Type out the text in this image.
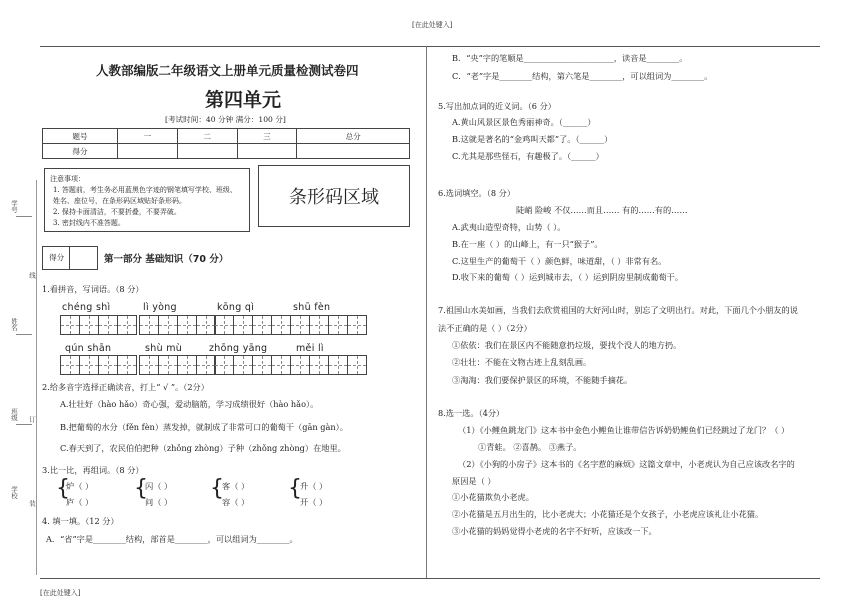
[在此处键入]
[在此处键入]
学号
姓名
班级
学校
线
订
装
人教部编版二年级语文上册单元质量检测试卷四
第四单元
[考试时间：40 分钟 满分：100 分]
题号	一	二	三	总分
得分				
注意事项：
1. 答题前，考生务必用蓝黑色字迹的钢笔填写学校、班级、
姓名、座位号，在条形码区域贴好条形码。
2. 保持卡面清洁，不要折叠，不要弄破。
3. 密封线内不准答题。
条形码区域
得分	第一部分 基础知识（70 分）
1.看拼音，写词语。（8 分）
chéng shì	lì yòng	kōng qì	shū fèn
qún shān	shù mù	zhōng yāng	měi lì
2.给多音字选择正确读音，打上“ √ ”。（2分）
A.壮壮好（hào hǎo）奇心强，爱动脑筋，学习成绩很好（hào hǎo）。
B.把葡萄的水分（fěn fèn）蒸发掉，就制成了非常可口的葡萄干（gān gàn）。
C.春天到了，农民伯伯把种（zhǒng zhòng）子种（zhǒng zhòng）在地里。
3.比一比，再组词。（8 分）
{
炉（ ）
庐（ ）
{
闪（ ）
问（ ）
{
客（ ）
容（ ）
{
升（ ）
开（ ）
4. 填一填。（12 分）
A．“省”字是________结构，部首是________，可以组词为________。
B．“央”字的笔顺是______________________，读音是________。
C．“老”字是________结构，第六笔是________，可以组词为________。
5.写出加点词的近义词。（6 分）
A.黄山风景区景色秀丽神奇。（______）
B.这就是著名的“金鸡叫天都”了。（______）
C.尤其是那些怪石，有趣极了。（______）
6.选词填空。（8 分）
陡峭 险峻 不仅……而且…… 有的……有的……
A.武夷山造型奇特，山势（ ）。
B.在一座（ ）的山峰上，有一只“猴子”。
C.这里生产的葡萄干（ ）颜色鲜，味道甜，（ ）非常有名。
D.收下来的葡萄（ ）运到城市去，（ ）运到阴房里制成葡萄干。
7.祖国山水美如画，当我们去欣赏祖国的大好河山时，别忘了文明出行。对此，下面几个小朋友的说
法不正确的是（ ）（2分）
①依依：我们在景区内不能随意扔垃圾，要找个没人的地方扔。
②壮壮：不能在文物古迹上乱刻乱画。
③淘淘：我们要保护景区的环境，不能随手摘花。
8.选一选。（4分）
（1）《小鲤鱼跳龙门》这本书中金色小鲤鱼让谁带信告诉奶奶鲤鱼们已经跳过了龙门？（ ）
①青蛙。 ②喜鹊。 ③燕子。
（2）《小狗的小房子》这本书的《名字惹的麻烦》这篇文章中，小老虎认为自己应该改名字的
原因是（ ）
①小花猫欺负小老虎。
②小花猫是五月出生的，比小老虎大；小花猫还是个女孩子，小老虎应该礼让小花猫。
③小花猫的妈妈觉得小老虎的名字不好听，应该改一下。
